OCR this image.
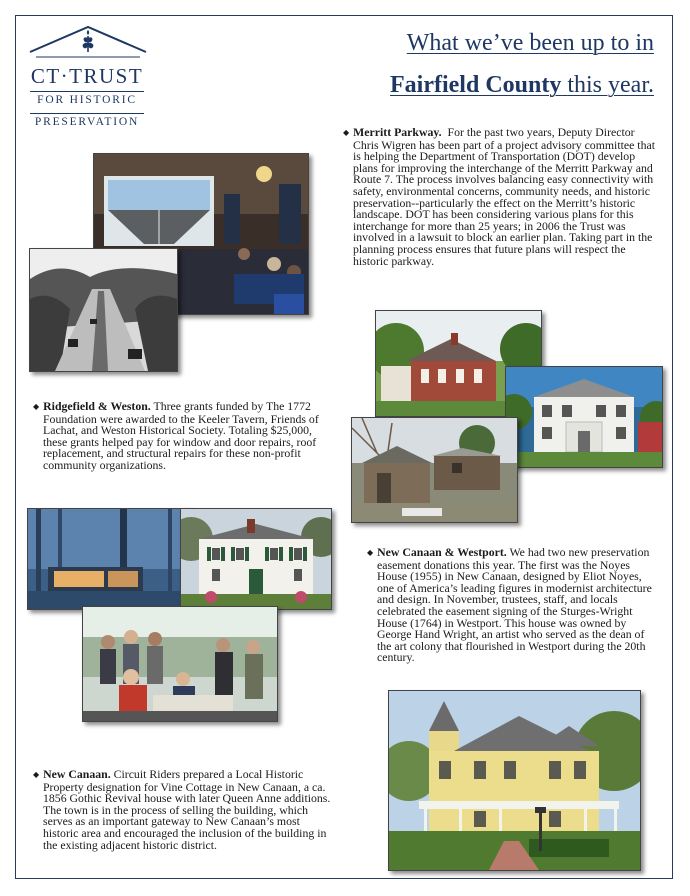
CT·TRUST
FOR HISTORIC
PRESERVATION
What we’ve been up to in
Fairfield County this year.
◆ Merritt Parkway. For the past two years, Deputy Director Chris Wigren has been part of a project advisory committee that is helping the Department of Transportation (DOT) develop plans for improving the interchange of the Merritt Parkway and Route 7. The process involves balancing easy connectivity with safety, environmental concerns, community needs, and historic preservation--particularly the effect on the Merritt’s historic landscape. DOT has been considering various plans for this interchange for more than 25 years; in 2006 the Trust was involved in a lawsuit to block an earlier plan. Taking part in the planning process ensures that future plans will respect the historic parkway.
◆ Ridgefield & Weston. Three grants funded by The 1772 Foundation were awarded to the Keeler Tavern, Friends of Lachat, and Weston Historical Society. Totaling $25,000, these grants helped pay for window and door repairs, roof replacement, and structural repairs for these non-profit community organizations.
◆ New Canaan & Westport. We had two new preservation easement donations this year. The first was the Noyes House (1955) in New Canaan, designed by Eliot Noyes, one of America’s leading figures in modernist architecture and design. In November, trustees, staff, and locals celebrated the easement signing of the Sturges-Wright House (1764) in Westport. This house was owned by George Hand Wright, an artist who served as the dean of the art colony that flourished in Westport during the 20th century.
◆ New Canaan. Circuit Riders prepared a Local Historic Property designation for Vine Cottage in New Canaan, a ca. 1856 Gothic Revival house with later Queen Anne additions. The town is in the process of selling the building, which serves as an important gateway to New Canaan’s most historic area and encouraged the inclusion of the building in the existing adjacent historic district.
